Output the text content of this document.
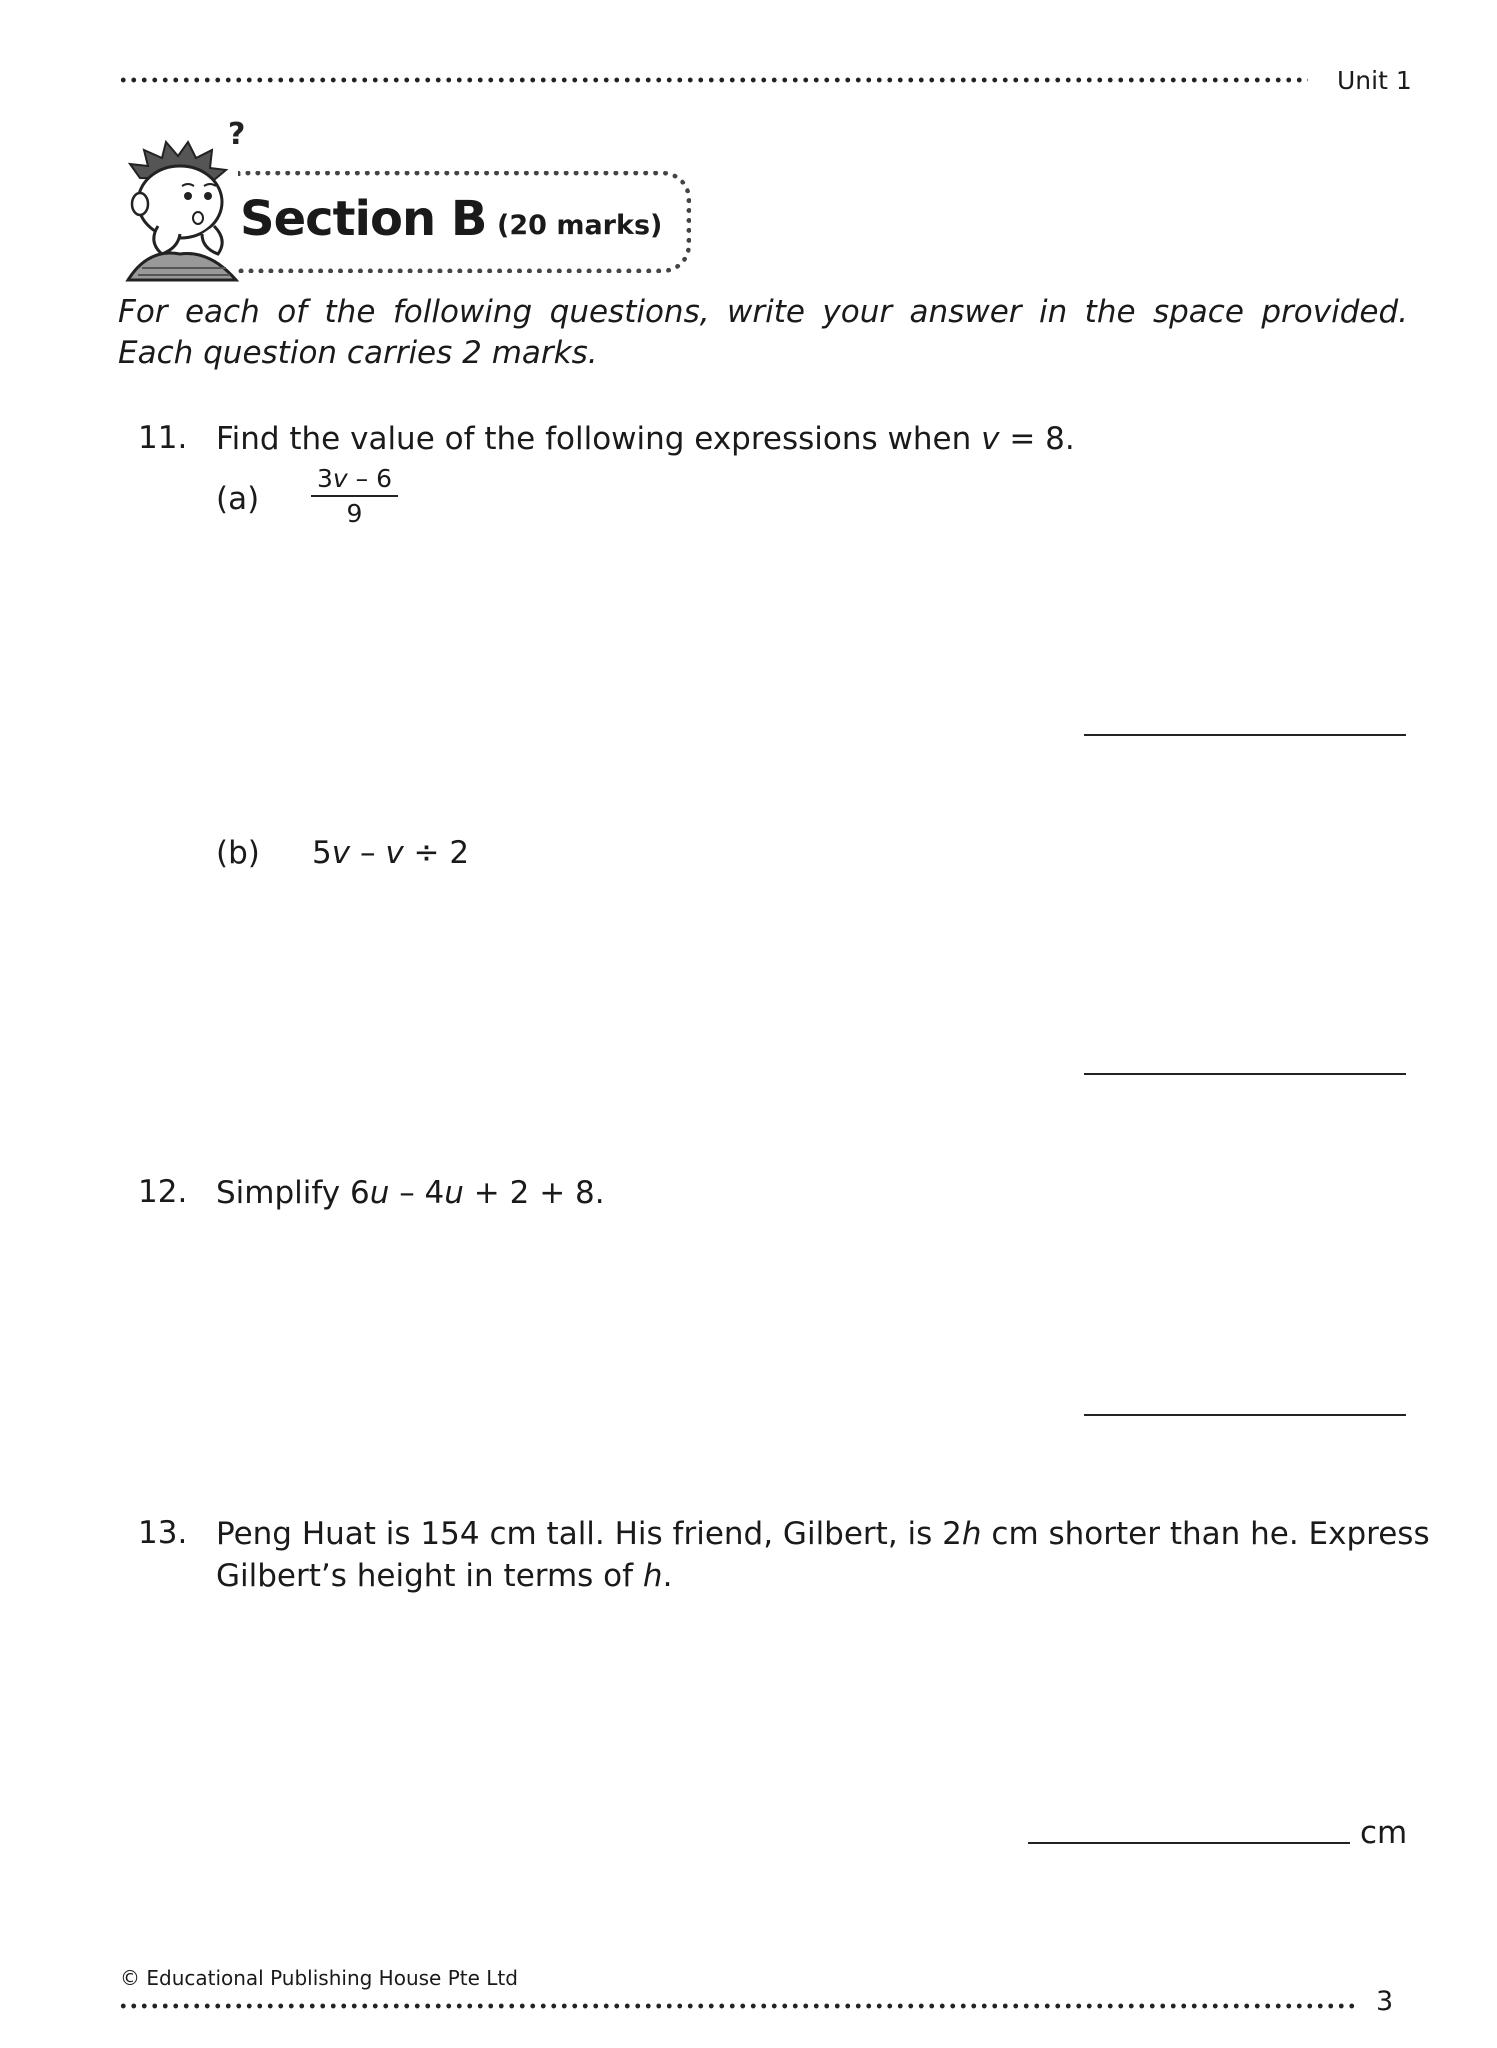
Unit 1
?
Section B (20 marks)
For each of the following questions, write your answer in the space provided.
Each question carries 2 marks.
11. Find the value of the following expressions when v = 8.
$(a) \frac{3v - 6}{9}$
(b) 5v – v ÷ 2
12. Simplify 6u – 4u + 2 + 8.
13. Peng Huat is 154 cm tall. His friend, Gilbert, is 2h cm shorter than he. Express
Gilbert’s height in terms of h.
cm
© Educational Publishing House Pte Ltd
3
